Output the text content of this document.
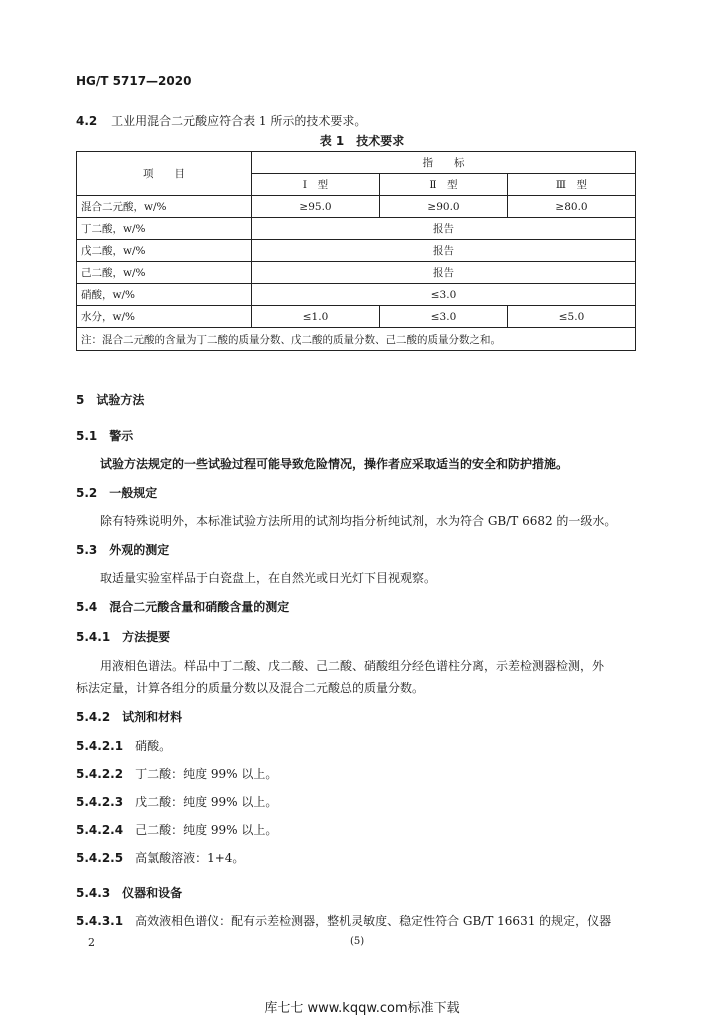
HG/T 5717—2020
4.2 工业用混合二元酸应符合表 1 所示的技术要求。
表 1　技术要求
项　　目	指　　标		
	Ⅰ　型	Ⅱ　型	Ⅲ　型
混合二元酸，w/%	≥95.0	≥90.0	≥80.0
丁二酸，w/%	报告		
戊二酸，w/%	报告		
己二酸，w/%	报告		
硝酸，w/%	≤3.0		
水分，w/%	≤1.0	≤3.0	≤5.0
注：混合二元酸的含量为丁二酸的质量分数、戊二酸的质量分数、己二酸的质量分数之和。			
5 试验方法
5.1 警示
试验方法规定的一些试验过程可能导致危险情况，操作者应采取适当的安全和防护措施。
5.2 一般规定
除有特殊说明外，本标准试验方法所用的试剂均指分析纯试剂，水为符合 GB/T 6682 的一级水。
5.3 外观的测定
取适量实验室样品于白瓷盘上，在自然光或日光灯下目视观察。
5.4 混合二元酸含量和硝酸含量的测定
5.4.1 方法提要
用液相色谱法。样品中丁二酸、戊二酸、己二酸、硝酸组分经色谱柱分离，示差检测器检测，外
标法定量，计算各组分的质量分数以及混合二元酸总的质量分数。
5.4.2 试剂和材料
5.4.2.1 硝酸。
5.4.2.2 丁二酸：纯度 99% 以上。
5.4.2.3 戊二酸：纯度 99% 以上。
5.4.2.4 己二酸：纯度 99% 以上。
5.4.2.5 高氯酸溶液：1+4。
5.4.3 仪器和设备
5.4.3.1 高效液相色谱仪：配有示差检测器，整机灵敏度、稳定性符合 GB/T 16631 的规定，仪器
2	(5)
库七七 www.kqqw.com标准下载
